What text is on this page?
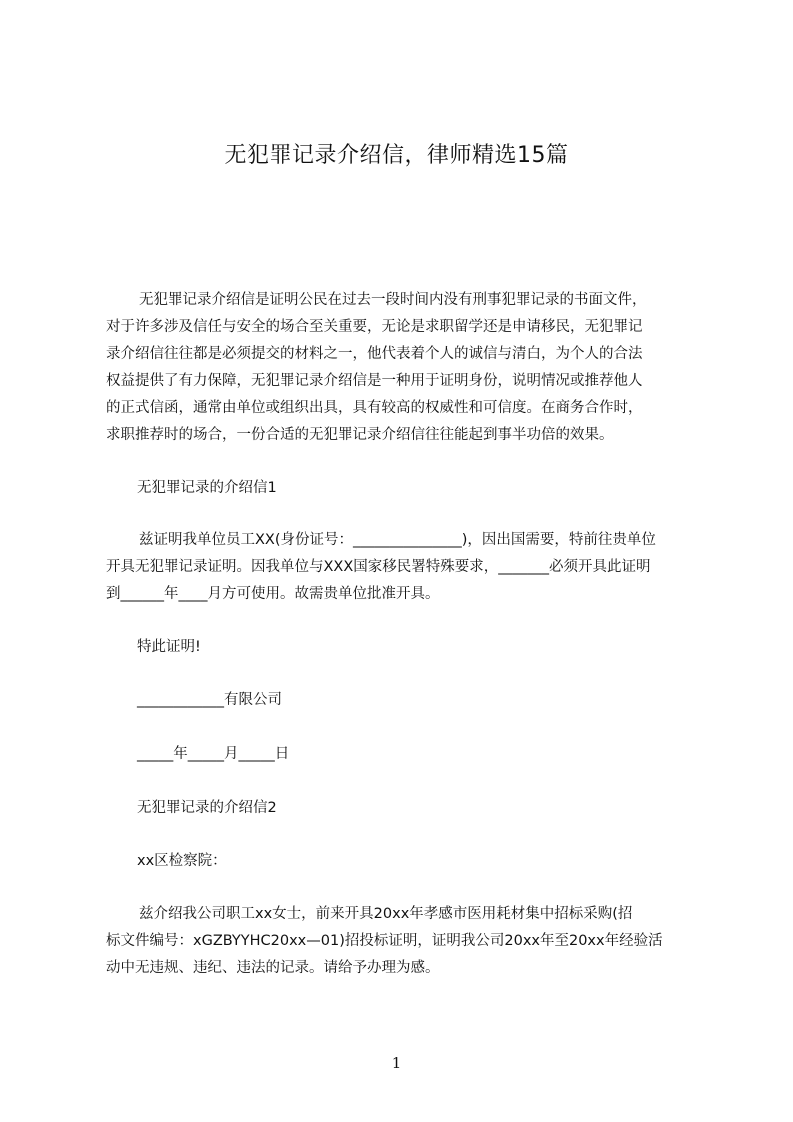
无犯罪记录介绍信，律师精选15篇
无犯罪记录介绍信是证明公民在过去一段时间内没有刑事犯罪记录的书面文件，
对于许多涉及信任与安全的场合至关重要，无论是求职留学还是申请移民，无犯罪记
录介绍信往往都是必须提交的材料之一，他代表着个人的诚信与清白，为个人的合法
权益提供了有力保障，无犯罪记录介绍信是一种用于证明身份，说明情况或推荐他人
的正式信函，通常由单位或组织出具，具有较高的权威性和可信度。在商务合作时，
求职推荐时的场合，一份合适的无犯罪记录介绍信往往能起到事半功倍的效果。
无犯罪记录的介绍信1
兹证明我单位员工XX(身份证号：_______________)，因出国需要，特前往贵单位
开具无犯罪记录证明。因我单位与XXX国家移民署特殊要求，_______必须开具此证明
到______年____月方可使用。故需贵单位批准开具。
特此证明!
____________有限公司
_____年_____月_____日
无犯罪记录的介绍信2
xx区检察院：
兹介绍我公司职工xx女士，前来开具20xx年孝感市医用耗材集中招标采购(招
标文件编号：xGZBYYHC20xx—01)招投标证明，证明我公司20xx年至20xx年经验活
动中无违规、违纪、违法的记录。请给予办理为感。
1
